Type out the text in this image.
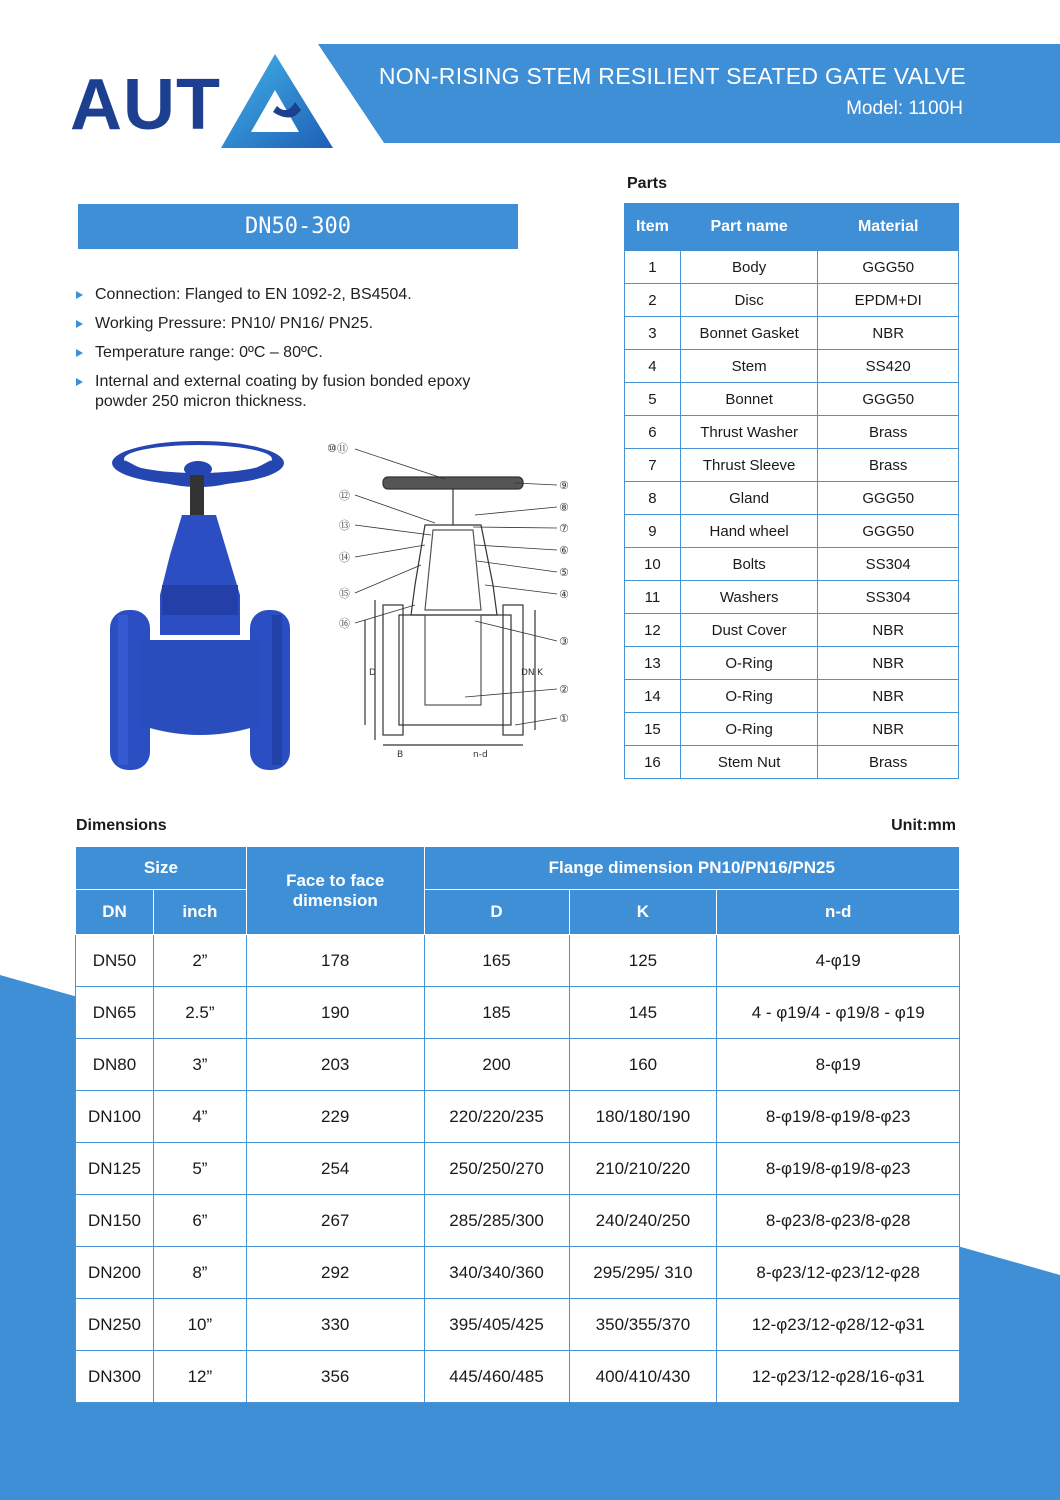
AUT	NON-RISING STEM RESILIENT SEATED GATE VALVE
Model: 1100H
DN50-300
Connection: Flanged to EN 1092-2, BS4504.
Working Pressure: PN10/ PN16/ PN25.
Temperature range: 0ºC – 80ºC.
Internal and external coating by fusion bonded epoxy powder 250 micron thickness.
⑩⑪
⑫
⑬
⑭
⑮
⑯
⑨
⑧
⑦
⑥
⑤
④
③
②
①
D	DN K
B	n-d
Parts
Item	Part name	Material
1	Body	GGG50
2	Disc	EPDM+DI
3	Bonnet Gasket	NBR
4	Stem	SS420
5	Bonnet	GGG50
6	Thrust Washer	Brass
7	Thrust Sleeve	Brass
8	Gland	GGG50
9	Hand wheel	GGG50
10	Bolts	SS304
11	Washers	SS304
12	Dust Cover	NBR
13	O-Ring	NBR
14	O-Ring	NBR
15	O-Ring	NBR
16	Stem Nut	Brass
Dimensions	Unit:mm
Size		Face to face dimension	Flange dimension PN10/PN16/PN25		
DN	inch		D	K	n-d
DN50	2”	178	165	125	4-φ19
DN65	2.5”	190	185	145	4 - φ19/4 - φ19/8 - φ19
DN80	3”	203	200	160	8-φ19
DN100	4”	229	220/220/235	180/180/190	8-φ19/8-φ19/8-φ23
DN125	5”	254	250/250/270	210/210/220	8-φ19/8-φ19/8-φ23
DN150	6”	267	285/285/300	240/240/250	8-φ23/8-φ23/8-φ28
DN200	8”	292	340/340/360	295/295/ 310	8-φ23/12-φ23/12-φ28
DN250	10”	330	395/405/425	350/355/370	12-φ23/12-φ28/12-φ31
DN300	12”	356	445/460/485	400/410/430	12-φ23/12-φ28/16-φ31
